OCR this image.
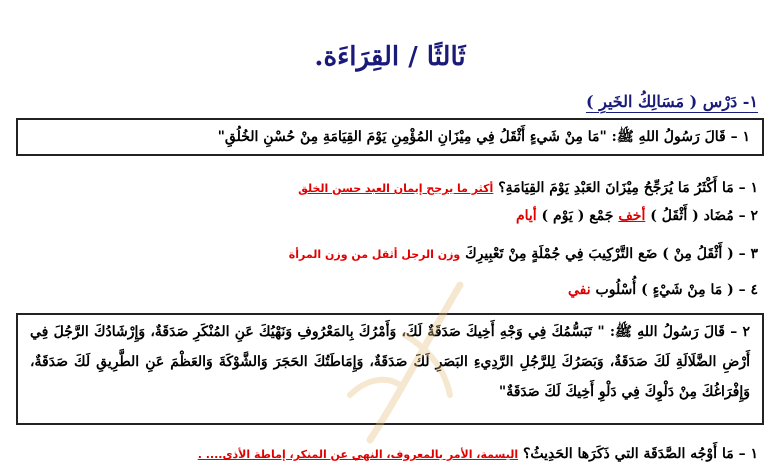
ثَالثًا / القِرَاءَة.
١- دَرْس ( مَسَالِكُ الخَيرِ )
١ – قَالَ رَسُولُ اللهِ ﷺ: "مَا مِنْ شَيءٍ أَثْقَلُ فِي مِيْزَانِ المُؤْمِنِ يَوْمَ القِيَامَةِ مِنْ حُسْنِ الخُلُقِ"
١ – مَا أَكْثَرُ مَا يُرَجِّحُ مِيْزَانَ العَبْدِ يَوْمَ القِيَامَةِ؟ أكثر ما يرجح إيمان العبد حسن الخلق
٢ – مُضَاد ( أَثْقَلُ ) أخف جَمْع ( يَوْم ) أيام
٣ – ( أَثْقَلُ مِنْ ) ضَع التَّرْكِيبَ فِي جُمْلَةٍ مِنْ تَعْبِيرِكَ وزن الرجل أثقل من وزن المرأة
٤ – ( مَا مِنْ شَيْءٍ ) أُسْلُوب نفي
٢ – قَالَ رَسُولُ اللهِ ﷺ: " تَبَسُّمُكَ فِي وَجْهِ أَخِيكَ صَدَقَةٌ لَكَ، وَأَمْرُكَ بِالمَعْرُوفِ وَنَهْيُكَ عَنِ المُنْكَرِ صَدَقَةٌ، وَإِرْشَادُكَ الرَّجُلَ فِي أَرْضِ الضَّلَالَةِ لَكَ صَدَقَةٌ، وَبَصَرُكَ لِلرَّجُلِ الرَّدِيءِ البَصَرِ لَكَ صَدَقَةٌ، وَإِمَاطَتُكَ الحَجَرَ وَالشَّوْكَةَ وَالعَظْمَ عَنِ الطَّرِيقِ لَكَ صَدَقَةٌ، وَإِفْرَاغُكَ مِنْ دَلْوِكَ فِي دَلْوِ أَخِيكَ لَكَ صَدَقَةٌ"
١ – مَا أَوْجُه الصَّدَقَة التي ذَكَرَها الحَدِيثُ؟ البسمة، الأمر بالمعروف، النهي عن المنكر، إماطة الأذى.... .
